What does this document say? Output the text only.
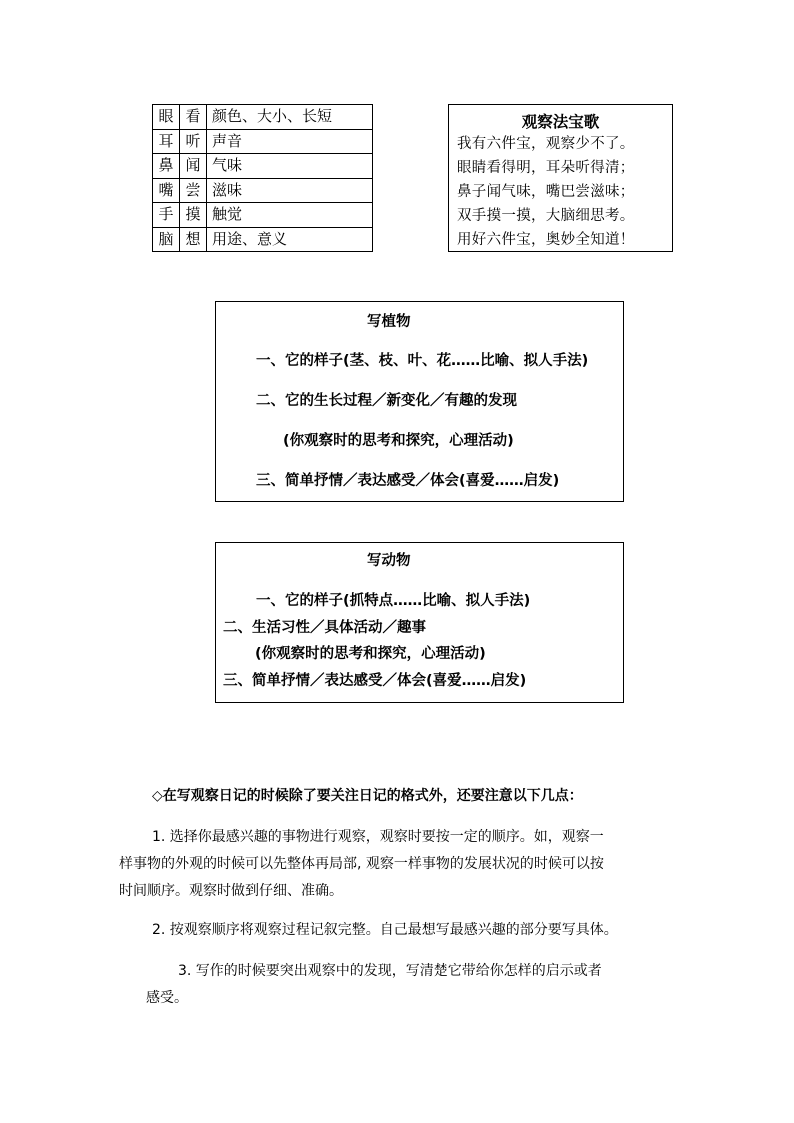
眼	看	颜色、大小、长短
耳	听	声音
鼻	闻	气味
嘴	尝	滋味
手	摸	触觉
脑	想	用途、意义
观察法宝歌
我有六件宝，观察少不了。
眼睛看得明，耳朵听得清；
鼻子闻气味，嘴巴尝滋味；
双手摸一摸，大脑细思考。
用好六件宝，奥妙全知道！
写植物
一、它的样子(茎、枝、叶、花……比喻、拟人手法)
二、它的生长过程／新变化／有趣的发现
(你观察时的思考和探究，心理活动)
三、简单抒情／表达感受／体会(喜爱……启发)
写动物
一、它的样子(抓特点……比喻、拟人手法)
二、生活习性／具体活动／趣事
(你观察时的思考和探究，心理活动)
三、简单抒情／表达感受／体会(喜爱……启发)
◇在写观察日记的时候除了要关注日记的格式外，还要注意以下几点：
1. 选择你最感兴趣的事物进行观察，观察时要按一定的顺序。如，观察一
样事物的外观的时候可以先整体再局部, 观察一样事物的发展状况的时候可以按
时间顺序。观察时做到仔细、准确。
2. 按观察顺序将观察过程记叙完整。自己最想写最感兴趣的部分要写具体。
3. 写作的时候要突出观察中的发现，写清楚它带给你怎样的启示或者
感受。
